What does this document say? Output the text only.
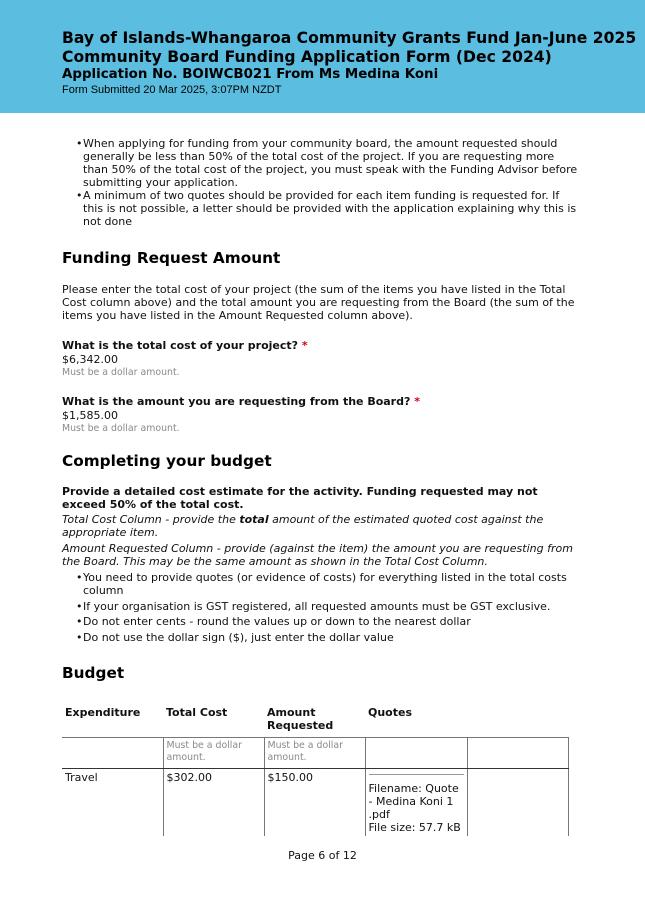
Bay of Islands-Whangaroa Community Grants Fund Jan-June 2025

Community Board Funding Application Form (Dec 2024)

Application No. BOIWCB021 From Ms Medina Koni

Form Submitted 20 Mar 2025, 3:07PM NZDT

• When applying for funding from your community board, the amount requested should generally be less than 50% of the total cost of the project. If you are requesting more than 50% of the total cost of the project, you must speak with the Funding Advisor before submitting your application.
• A minimum of two quotes should be provided for each item funding is requested for. If this is not possible, a letter should be provided with the application explaining why this is not done
Funding Request Amount

Please enter the total cost of your project (the sum of the items you have listed in the Total Cost column above) and the total amount you are requesting from the Board (the sum of the items you have listed in the Amount Requested column above).

What is the total cost of your project? *

$6,342.00

Must be a dollar amount.

What is the amount you are requesting from the Board? *

$1,585.00

Must be a dollar amount.

Completing your budget

Provide a detailed cost estimate for the activity. Funding requested may not exceed 50% of the total cost.

Total Cost Column - provide the total amount of the estimated quoted cost against the appropriate item.

Amount Requested Column - provide (against the item) the amount you are requesting from the Board. This may be the same amount as shown in the Total Cost Column.

• You need to provide quotes (or evidence of costs) for everything listed in the total costs column
• If your organisation is GST registered, all requested amounts must be GST exclusive.
• Do not enter cents - round the values up or down to the nearest dollar
• Do not use the dollar sign ($), just enter the dollar value
Budget
Expenditure	Total Cost	Amount Requested	Quotes	
	Must be a dollar amount.	Must be a dollar amount.		
Travel	$302.00	$150.00	Filename: Quote - Medina Koni 1 .pdf
File size: 57.7 kB	

Page 6 of 12
